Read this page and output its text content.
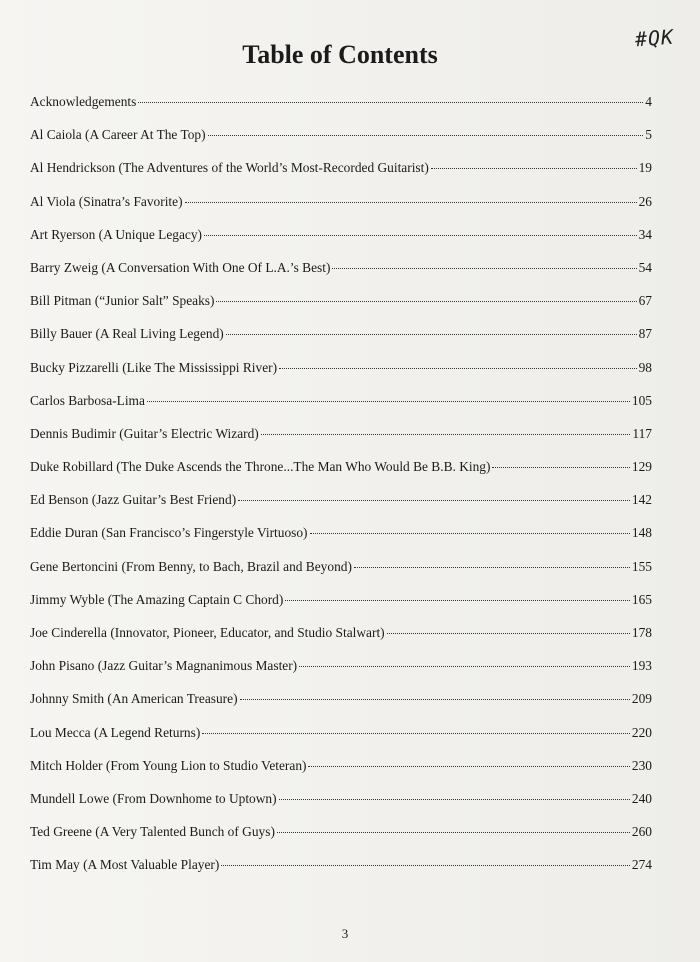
#QK
Table of Contents
Acknowledgements	4
Al Caiola (A Career At The Top)	5
Al Hendrickson (The Adventures of the World’s Most-Recorded Guitarist)	19
Al Viola (Sinatra’s Favorite)	26
Art Ryerson (A Unique Legacy)	34
Barry Zweig (A Conversation With One Of L.A.’s Best)	54
Bill Pitman (“Junior Salt” Speaks)	67
Billy Bauer (A Real Living Legend)	87
Bucky Pizzarelli (Like The Mississippi River)	98
Carlos Barbosa-Lima	105
Dennis Budimir (Guitar’s Electric Wizard)	117
Duke Robillard (The Duke Ascends the Throne...The Man Who Would Be B.B. King)	129
Ed Benson (Jazz Guitar’s Best Friend)	142
Eddie Duran (San Francisco’s Fingerstyle Virtuoso)	148
Gene Bertoncini (From Benny, to Bach, Brazil and Beyond)	155
Jimmy Wyble (The Amazing Captain C Chord)	165
Joe Cinderella (Innovator, Pioneer, Educator, and Studio Stalwart)	178
John Pisano (Jazz Guitar’s Magnanimous Master)	193
Johnny Smith (An American Treasure)	209
Lou Mecca (A Legend Returns)	220
Mitch Holder (From Young Lion to Studio Veteran)	230
Mundell Lowe (From Downhome to Uptown)	240
Ted Greene (A Very Talented Bunch of Guys)	260
Tim May (A Most Valuable Player)	274
3
